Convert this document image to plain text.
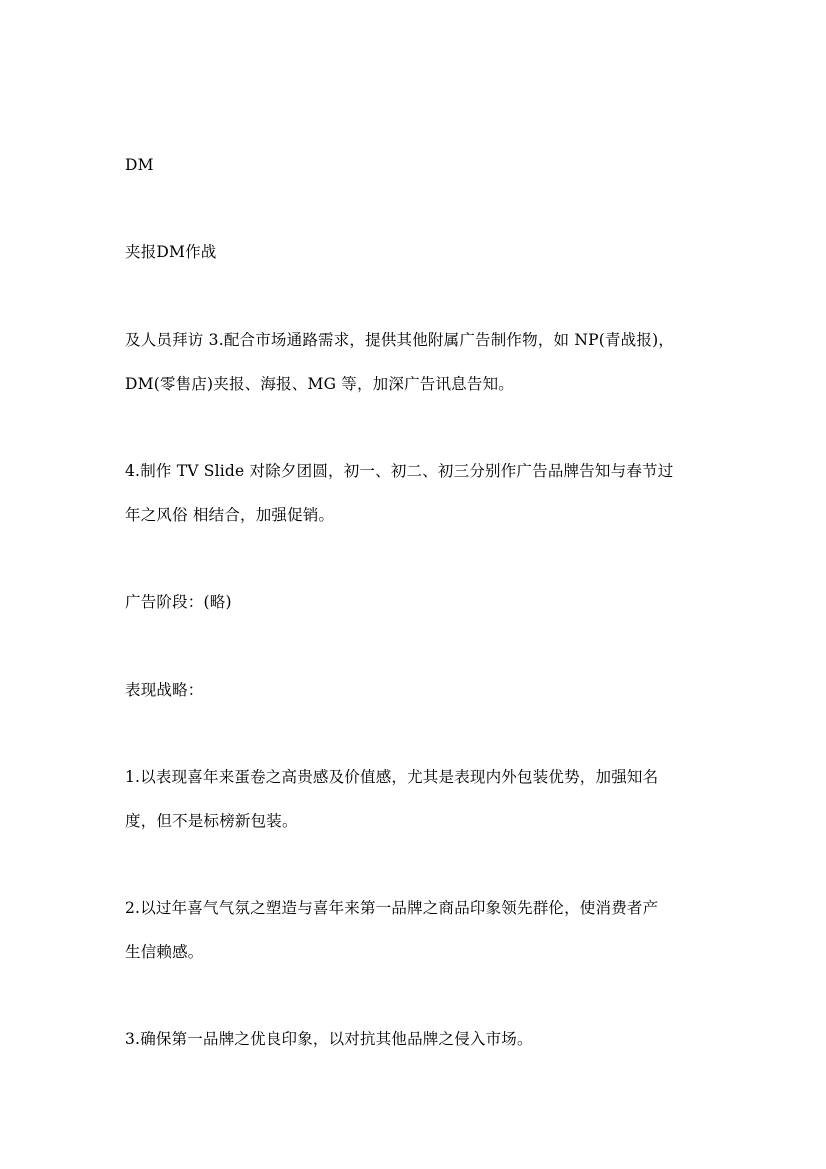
DM
夹报DM作战
及人员拜访 3.配合市场通路需求，提供其他附属广告制作物，如 NP(青战报)，
DM(零售店)夹报、海报、MG 等，加深广告讯息告知。
4.制作 TV Slide 对除夕团圆，初一、初二、初三分别作广告品牌告知与春节过
年之风俗 相结合，加强促销。
广告阶段：(略)
表现战略：
1.以表现喜年来蛋卷之高贵感及价值感，尤其是表现内外包装优势，加强知名
度，但不是标榜新包装。
2.以过年喜气气氛之塑造与喜年来第一品牌之商品印象领先群伦，使消费者产
生信赖感。
3.确保第一品牌之优良印象，以对抗其他品牌之侵入市场。
